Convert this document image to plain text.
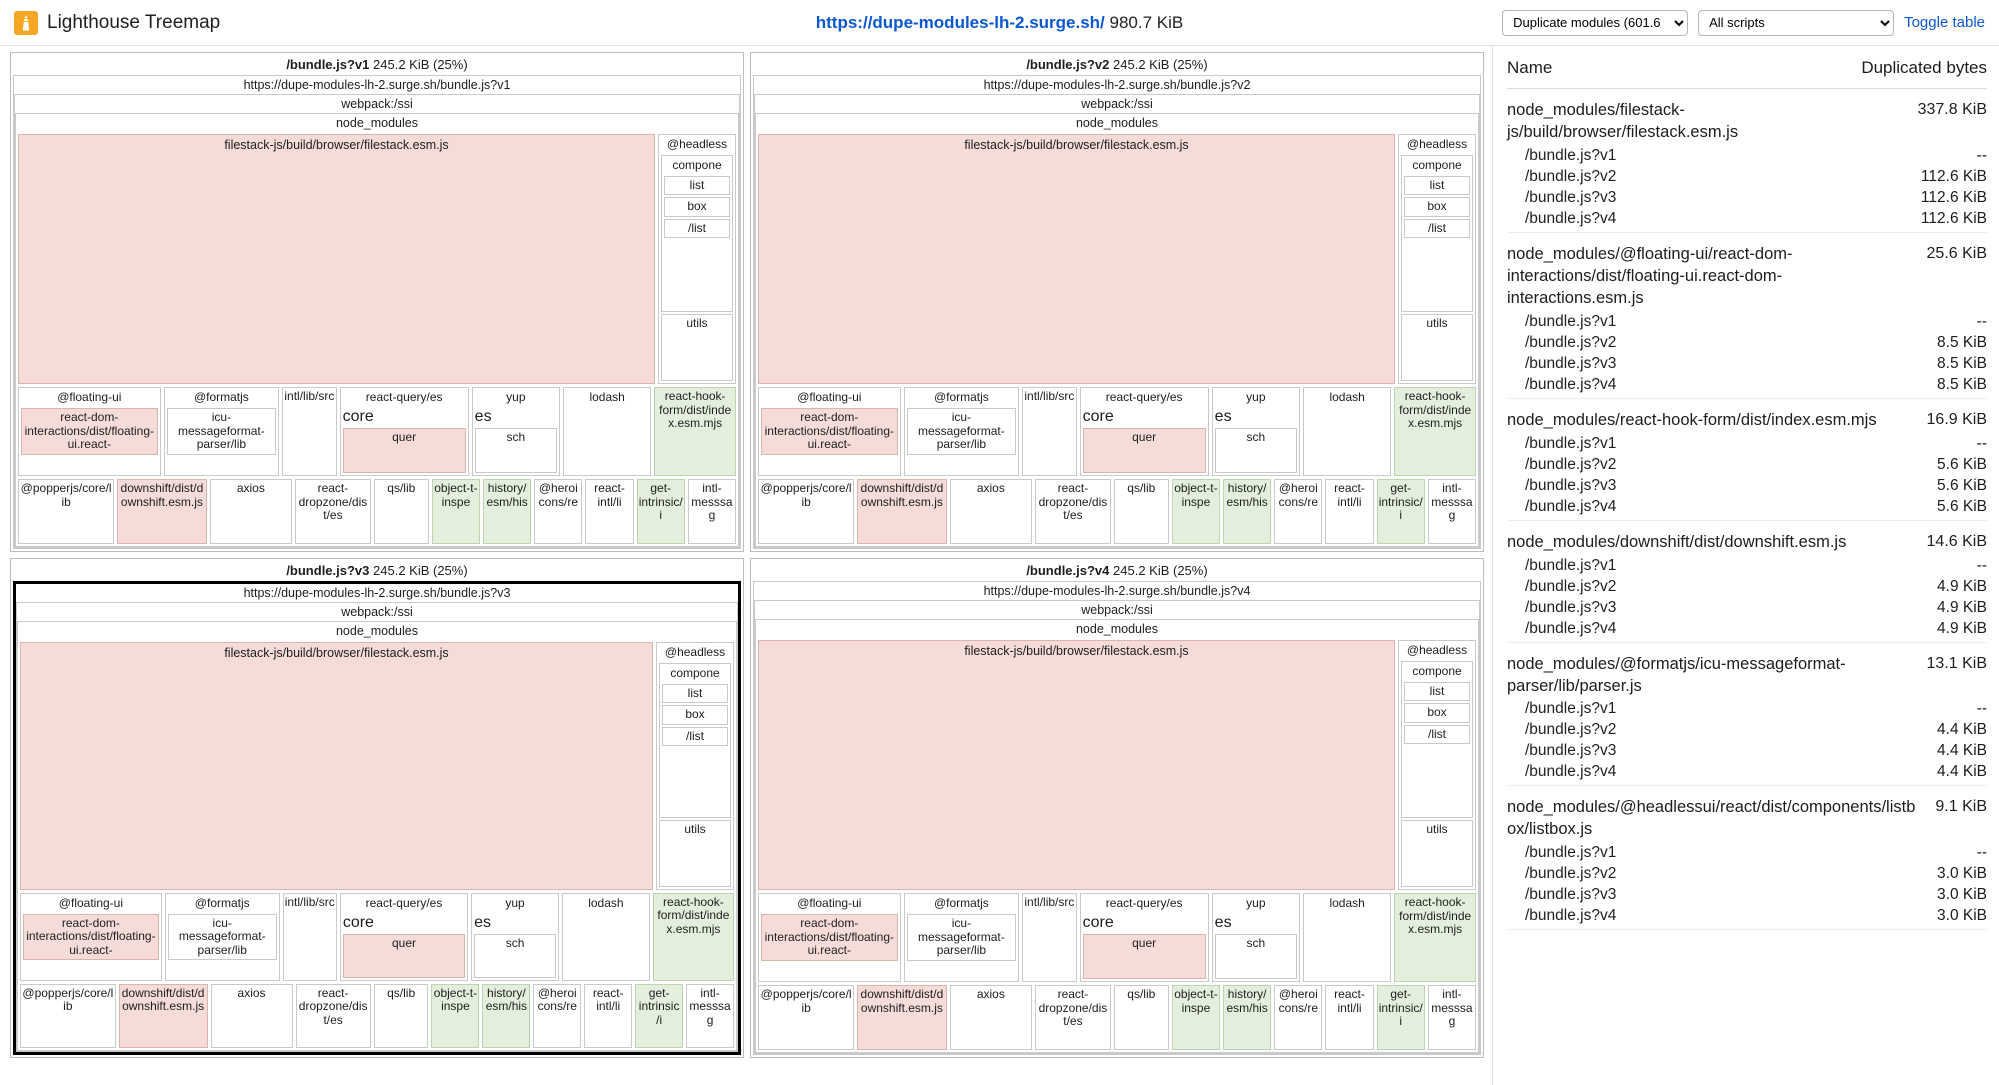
Lighthouse Treemap	https://dupe-modules-lh-2.surge.sh/ 980.7 KiB
Duplicate modules (601.6 KiB)
All scripts	Toggle table
/bundle.js?v1 245.2 KiB (25%)
https://dupe-modules-lh-2.surge.sh/bundle.js?v1
webpack:/ssi
node_modules
filestack-js/build/browser/filestack.esm.js	@headless
compone
list
box
/list
utils
@floating-ui
react-dom-interactions/dist/floating-ui.react-
@formatjs
icu-messageformat-parser/lib
intl/lib/src	react-query/es
core
quer
yup
es
sch
lodash	react-hook-form/dist/index.esm.mjs
@popperjs/core/lib
downshift/dist/downshift.esm.js
axios	react-dropzone/dist/es
qs/lib	object-t-inspe
history/esm/his
@heroicons/re
react-intl/li
get-intrinsic/i
intl-messsag
/bundle.js?v2 245.2 KiB (25%)
https://dupe-modules-lh-2.surge.sh/bundle.js?v2
webpack:/ssi
node_modules
filestack-js/build/browser/filestack.esm.js	@headless
compone
list
box
/list
utils
@floating-ui
react-dom-interactions/dist/floating-ui.react-
@formatjs
icu-messageformat-parser/lib
intl/lib/src	react-query/es
core
quer
yup
es
sch
lodash	react-hook-form/dist/index.esm.mjs
@popperjs/core/lib
downshift/dist/downshift.esm.js
axios	react-dropzone/dist/es
qs/lib	object-t-inspe
history/esm/his
@heroicons/re
react-intl/li
get-intrinsic/i
intl-messsag
/bundle.js?v3 245.2 KiB (25%)
https://dupe-modules-lh-2.surge.sh/bundle.js?v3
webpack:/ssi
node_modules
filestack-js/build/browser/filestack.esm.js	@headless
compone
list
box
/list
utils
@floating-ui
react-dom-interactions/dist/floating-ui.react-
@formatjs
icu-messageformat-parser/lib
intl/lib/src	react-query/es
core
quer
yup
es
sch
lodash	react-hook-form/dist/index.esm.mjs
@popperjs/core/lib
downshift/dist/downshift.esm.js
axios	react-dropzone/dist/es
qs/lib	object-t-inspe
history/esm/his
@heroicons/re
react-intl/li
get-intrinsic/i
intl-messsag
/bundle.js?v4 245.2 KiB (25%)
https://dupe-modules-lh-2.surge.sh/bundle.js?v4
webpack:/ssi
node_modules
filestack-js/build/browser/filestack.esm.js	@headless
compone
list
box
/list
utils
@floating-ui
react-dom-interactions/dist/floating-ui.react-
@formatjs
icu-messageformat-parser/lib
intl/lib/src	react-query/es
core
quer
yup
es
sch
lodash	react-hook-form/dist/index.esm.mjs
@popperjs/core/lib
downshift/dist/downshift.esm.js
axios	react-dropzone/dist/es
qs/lib	object-t-inspe
history/esm/his
@heroicons/re
react-intl/li
get-intrinsic/i
intl-messsag
Name	Duplicated bytes
node_modules/filestack-js/build/browser/filestack.esm.js
337.8 KiB
/bundle.js?v1	--
/bundle.js?v2	112.6 KiB
/bundle.js?v3	112.6 KiB
/bundle.js?v4	112.6 KiB
node_modules/@floating-ui/react-dom-interactions/dist/floating-ui.react-dom-interactions.esm.js
25.6 KiB
/bundle.js?v1	--
/bundle.js?v2	8.5 KiB
/bundle.js?v3	8.5 KiB
/bundle.js?v4	8.5 KiB
node_modules/react-hook-form/dist/index.esm.mjs	16.9 KiB
/bundle.js?v1	--
/bundle.js?v2	5.6 KiB
/bundle.js?v3	5.6 KiB
/bundle.js?v4	5.6 KiB
node_modules/downshift/dist/downshift.esm.js	14.6 KiB
/bundle.js?v1	--
/bundle.js?v2	4.9 KiB
/bundle.js?v3	4.9 KiB
/bundle.js?v4	4.9 KiB
node_modules/@formatjs/icu-messageformat-parser/lib/parser.js
13.1 KiB
/bundle.js?v1	--
/bundle.js?v2	4.4 KiB
/bundle.js?v3	4.4 KiB
/bundle.js?v4	4.4 KiB
node_modules/@headlessui/react/dist/components/listbox/listbox.js
9.1 KiB
/bundle.js?v1	--
/bundle.js?v2	3.0 KiB
/bundle.js?v3	3.0 KiB
/bundle.js?v4	3.0 KiB
